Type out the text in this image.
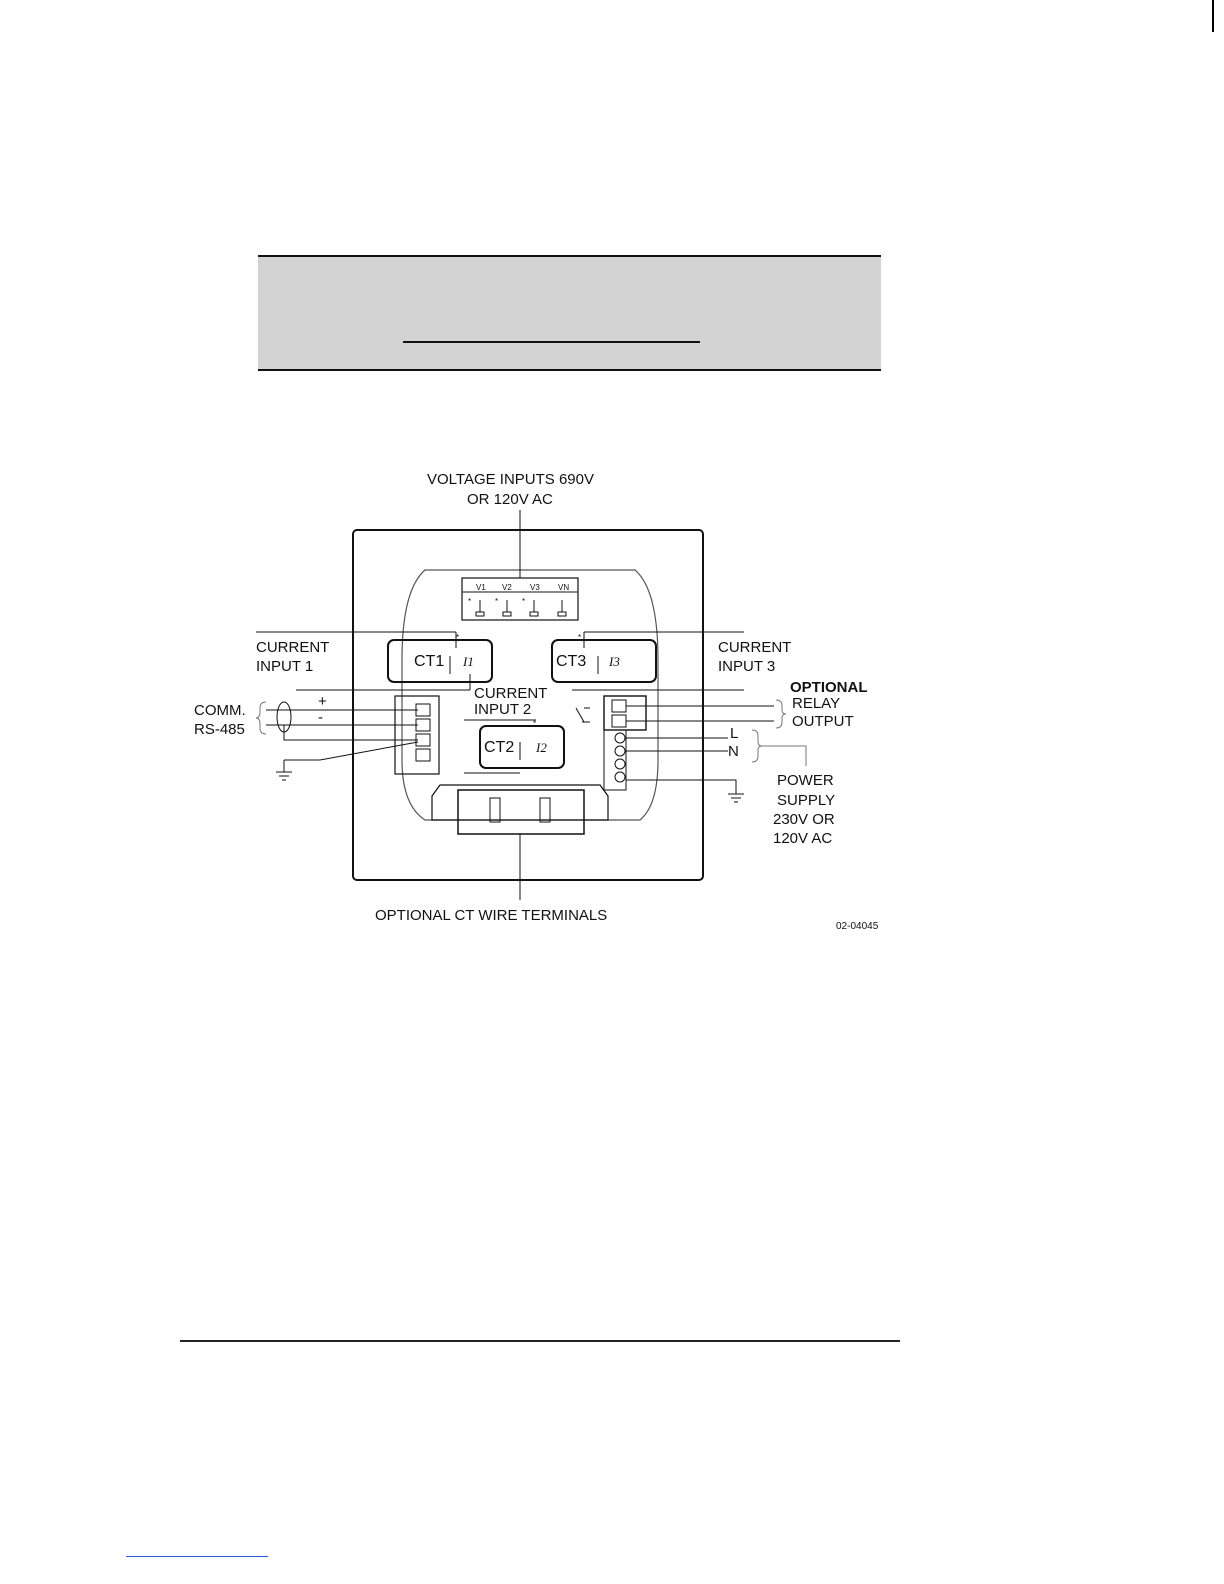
VOLTAGE INPUTS 690V
OR 120V AC
V1 V2 V3 VN
*	*	*
CT1 I1
*
CURRENT
INPUT 1	CT3 I3
*
CURRENT
INPUT 3
CT2 I2
*
CURRENT
INPUT 2
+
-
COMM.
RS-485
OPTIONAL
RELAY
OUTPUT
L
N
POWER
SUPPLY
230V OR
120V AC
OPTIONAL CT WIRE TERMINALS
02-04045
